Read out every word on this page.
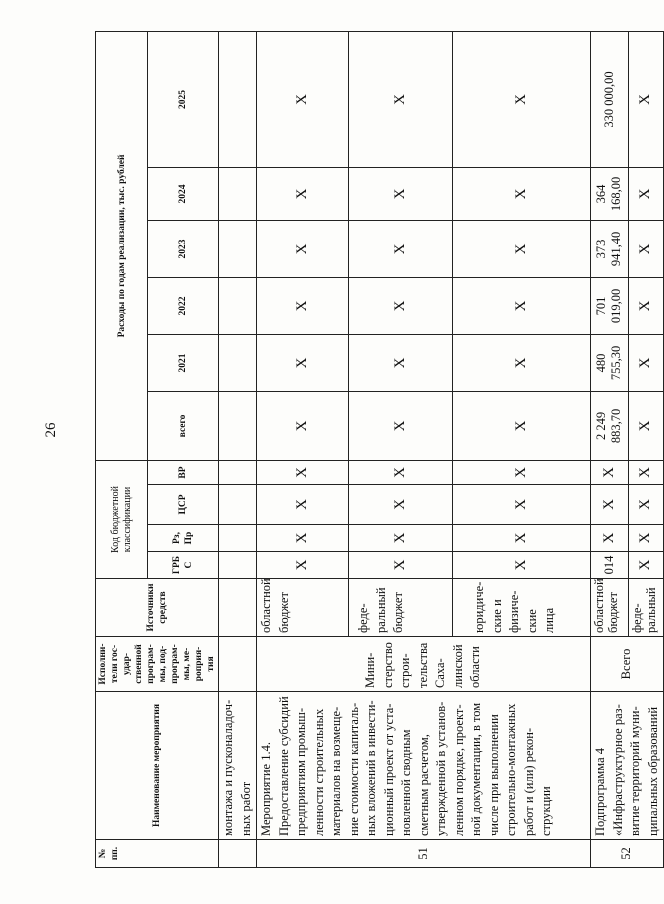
26
№ пп.	Наименование мероприятия	Исполни-тели гос-удар-ственной програм-мы, под-програм-мы, ме-роприя-тия	Источники средств	Код бюджетной классификации				Расходы по годам реализации, тыс. рублей					
				ГРБ С	Рз, Пр	ЦСР	ВР	всего	2021	2022	2023	2024	2025
	монтажа и пусконаладоч-ных работ												
51	Мероприятие 1.4. Предоставление субсидий предприятиям промыш-ленности строительных материалов на возмеще-ние стоимости капиталь-ных вложений в инвести-ционный проект от уста-новленной сводным сметным расчетом, утвержденной в установ-ленном порядке, проект-ной документации, в том числе при выполнении строительно-монтажных работ и (или) рекон-струкции	Мини-стерство строи-тельства Саха-линской области	областной бюджет	X	X	X	X	X	X	X	X	X	X
			феде-ральный бюджет	X	X	X	X	X	X	X	X	X	X
			юридиче-ские и физиче-ские лица	X	X	X	X	X	X	X	X	X	X
52	Подпрограмма 4 «Инфраструктурное раз-витие территорий муни-ципальных образований	Всего	областной бюджет	014	X	X	X	2 249 883,70	480 755,30	701 019,00	373 941,40	364 168,00	330 000,00
			феде-ральный	X	X	X	X	X	X	X	X	X	X
